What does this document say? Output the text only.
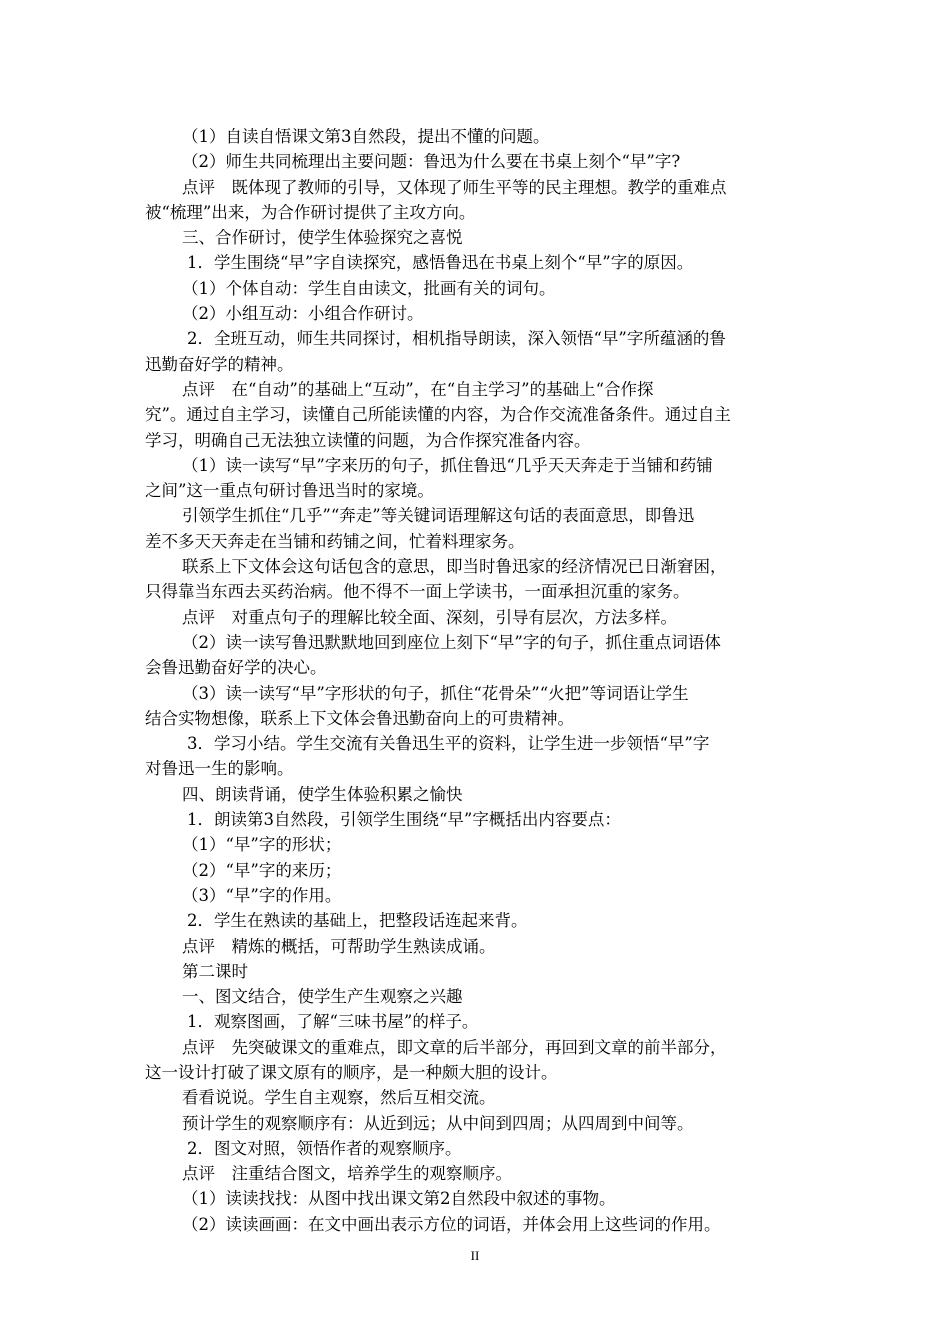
（1）自读自悟课文第3自然段，提出不懂的问题。
（2）师生共同梳理出主要问题：鲁迅为什么要在书桌上刻个“早”字?
点评　既体现了教师的引导，又体现了师生平等的民主理想。教学的重难点
被“梳理”出来，为合作研讨提供了主攻方向。
三、合作研讨，使学生体验探究之喜悦
1．学生围绕“早”字自读探究，感悟鲁迅在书桌上刻个“早”字的原因。
（1）个体自动：学生自由读文，批画有关的词句。
（2）小组互动：小组合作研讨。
2．全班互动，师生共同探讨，相机指导朗读，深入领悟“早”字所蕴涵的鲁
迅勤奋好学的精神。
点评　在“自动”的基础上“互动”，在“自主学习”的基础上“合作探
究”。通过自主学习，读懂自己所能读懂的内容，为合作交流准备条件。通过自主
学习，明确自己无法独立读懂的问题，为合作探究准备内容。
（1）读一读写“早”字来历的句子，抓住鲁迅“几乎天天奔走于当铺和药铺
之间”这一重点句研讨鲁迅当时的家境。
引领学生抓住“几乎”“奔走”等关键词语理解这句话的表面意思，即鲁迅
差不多天天奔走在当铺和药铺之间，忙着料理家务。
联系上下文体会这句话包含的意思，即当时鲁迅家的经济情况已日渐窘困，
只得靠当东西去买药治病。他不得不一面上学读书，一面承担沉重的家务。
点评　对重点句子的理解比较全面、深刻，引导有层次，方法多样。
（2）读一读写鲁迅默默地回到座位上刻下“早”字的句子，抓住重点词语体
会鲁迅勤奋好学的决心。
（3）读一读写“早”字形状的句子，抓住“花骨朵”“火把”等词语让学生
结合实物想像，联系上下文体会鲁迅勤奋向上的可贵精神。
3．学习小结。学生交流有关鲁迅生平的资料，让学生进一步领悟“早”字
对鲁迅一生的影响。
四、朗读背诵，使学生体验积累之愉快
1．朗读第3自然段，引领学生围绕“早”字概括出内容要点：
（1）“早”字的形状；
（2）“早”字的来历；
（3）“早”字的作用。
2．学生在熟读的基础上，把整段话连起来背。
点评　精炼的概括，可帮助学生熟读成诵。
第二课时
一、图文结合，使学生产生观察之兴趣
1．观察图画，了解“三味书屋”的样子。
点评　先突破课文的重难点，即文章的后半部分，再回到文章的前半部分，
这一设计打破了课文原有的顺序，是一种颇大胆的设计。
看看说说。学生自主观察，然后互相交流。
预计学生的观察顺序有：从近到远；从中间到四周；从四周到中间等。
2．图文对照，领悟作者的观察顺序。
点评　注重结合图文，培养学生的观察顺序。
（1）读读找找：从图中找出课文第2自然段中叙述的事物。
（2）读读画画：在文中画出表示方位的词语，并体会用上这些词的作用。
II
